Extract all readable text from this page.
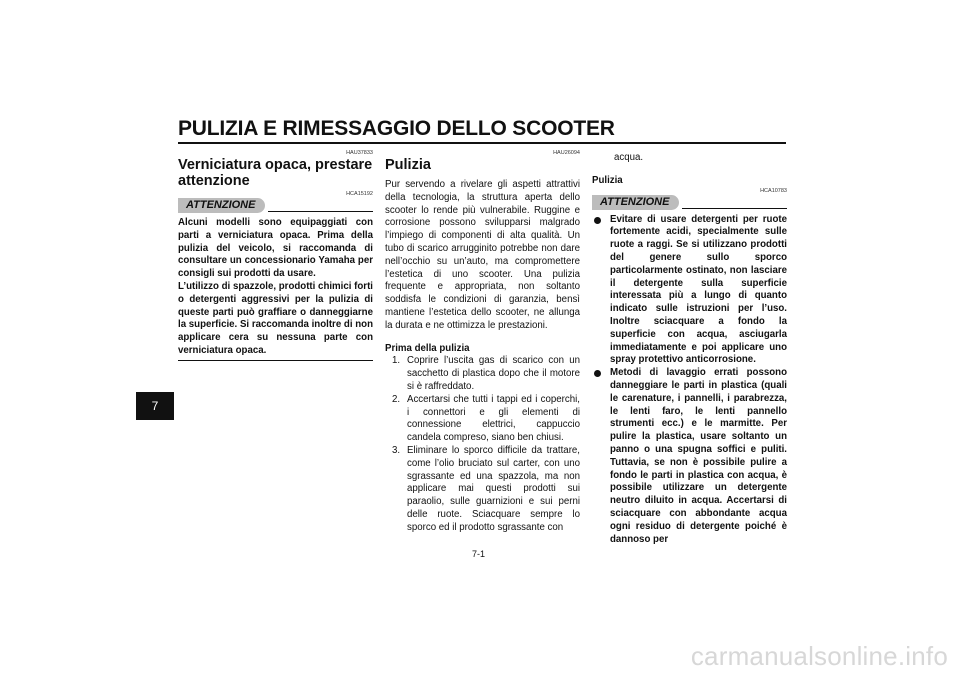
PULIZIA E RIMESSAGGIO DELLO SCOOTER
7
HAU37833
Verniciatura opaca, prestare attenzione
HCA15192
ATTENZIONE

Alcuni modelli sono equipaggiati con parti a verniciatura opaca. Prima della pulizia del veicolo, si raccomanda di consultare un concessionario Yamaha per consigli sui prodotti da usare.

L’utilizzo di spazzole, prodotti chimici forti o detergenti aggressivi per la pulizia di queste parti può graffiare o danneggiarne la superficie. Si raccomanda inoltre di non applicare cera su nessuna parte con verniciatura opaca.

HAU26094
Pulizia

Pur servendo a rivelare gli aspetti attrattivi della tecnologia, la struttura aperta dello scooter lo rende più vulnerabile. Ruggine e corrosione possono svilupparsi malgrado l’impiego di componenti di alta qualità. Un tubo di scarico arrugginito potrebbe non dare nell’occhio su un’auto, ma compromettere l’estetica di uno scooter. Una pulizia frequente e appropriata, non soltanto soddisfa le condizioni di garanzia, bensì mantiene l’estetica dello scooter, ne allunga la durata e ne ottimizza le prestazioni.

Prima della pulizia
1. Coprire l’uscita gas di scarico con un sacchetto di plastica dopo che il motore si è raffreddato.
2. Accertarsi che tutti i tappi ed i coperchi, i connettori e gli elementi di connessione elettrici, cappuccio candela compreso, siano ben chiusi.
3. Eliminare lo sporco difficile da trattare, come l’olio bruciato sul carter, con uno sgrassante ed una spazzola, ma non applicare mai questi prodotti sui paraolio, sulle guarnizioni e sui perni delle ruote. Sciacquare sempre lo sporco ed il prodotto sgrassante con
acqua.
Pulizia
HCA10783
ATTENZIONE
Evitare di usare detergenti per ruote fortemente acidi, specialmente sulle ruote a raggi. Se si utilizzano prodotti del genere sullo sporco particolarmente ostinato, non lasciare il detergente sulla superficie interessata più a lungo di quanto indicato sulle istruzioni per l’uso. Inoltre sciacquare a fondo la superficie con acqua, asciugarla immediatamente e poi applicare uno spray protettivo anticorrosione.
Metodi di lavaggio errati possono danneggiare le parti in plastica (quali le carenature, i pannelli, i parabrezza, le lenti faro, le lenti pannello strumenti ecc.) e le marmitte. Per pulire la plastica, usare soltanto un panno o una spugna soffici e puliti. Tuttavia, se non è possibile pulire a fondo le parti in plastica con acqua, è possibile utilizzare un detergente neutro diluito in acqua. Accertarsi di sciacquare con abbondante acqua ogni residuo di detergente poiché è dannoso per
7-1
carmanualsonline.info
